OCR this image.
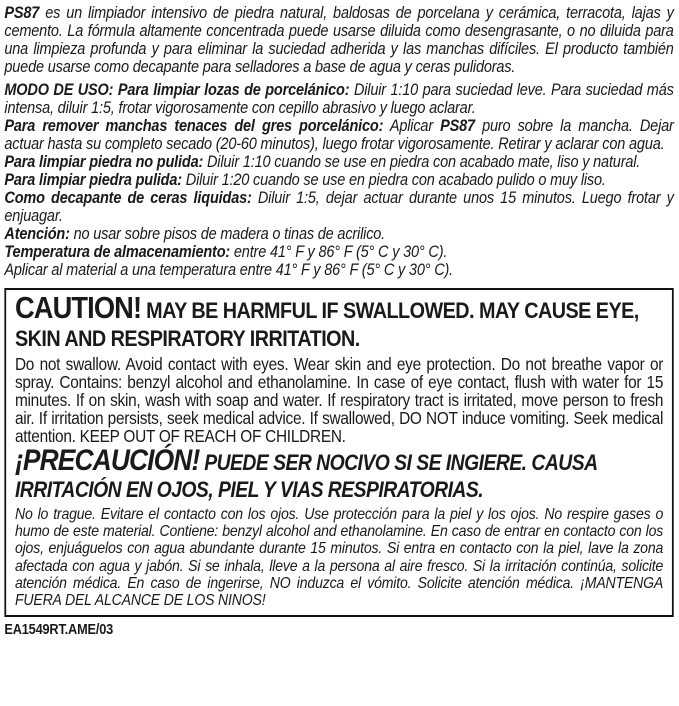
PS87 es un limpiador intensivo de piedra natural, baldosas de porcelana y cerámica, terracota, lajas y cemento. La fórmula altamente concentrada puede usarse diluida como desengrasante, o no diluida para una limpieza profunda y para eliminar la suciedad adherida y las manchas difíciles. El producto también puede usarse como decapante para selladores a base de agua y ceras pulidoras.

MODO DE USO: Para limpiar lozas de porcelánico: Diluir 1:10 para suciedad leve. Para suciedad más intensa, diluir 1:5, frotar vigorosamente con cepillo abrasivo y luego aclarar.

Para remover manchas tenaces del gres porcelánico: Aplicar PS87 puro sobre la mancha. Dejar actuar hasta su completo secado (20-60 minutos), luego frotar vigorosamente. Retirar y aclarar con agua.

Para limpiar piedra no pulida: Diluir 1:10 cuando se use en piedra con acabado mate, liso y natural.

Para limpiar piedra pulida: Diluir 1:20 cuando se use en piedra con acabado pulido o muy liso.

Como decapante de ceras liquidas: Diluir 1:5, dejar actuar durante unos 15 minutos. Luego frotar y enjuagar.

Atención: no usar sobre pisos de madera o tinas de acrilico.

Temperatura de almacenamiento: entre 41° F y 86° F (5° C y 30° C).

Aplicar al material a una temperatura entre 41° F y 86° F (5° C y 30° C).

CAUTION! MAY BE HARMFUL IF SWALLOWED. MAY CAUSE EYE, SKIN AND RESPIRATORY IRRITATION.
Do not swallow. Avoid contact with eyes. Wear skin and eye protection. Do not breathe vapor or spray. Contains: benzyl alcohol and ethanolamine. In case of eye contact, flush with water for 15 minutes. If on skin, wash with soap and water. If respiratory tract is irritated, move person to fresh air. If irritation persists, seek medical advice. If swallowed, DO NOT induce vomiting. Seek medical attention. KEEP OUT OF REACH OF CHILDREN.
¡PRECAUCIÓN! PUEDE SER NOCIVO SI SE INGIERE. CAUSA IRRITACIÓN EN OJOS, PIEL Y VIAS RESPIRATORIAS.
No lo trague. Evitare el contacto con los ojos. Use protección para la piel y los ojos. No respire gases o humo de este material. Contiene: benzyl alcohol and ethanolamine. En caso de entrar en contacto con los ojos, enjuáguelos con agua abundante durante 15 minutos. Si entra en contacto con la piel, lave la zona afectada con agua y jabón. Si se inhala, lleve a la persona al aire fresco. Si la irritación continúa, solicite atención médica. En caso de ingerirse, NO induzca el vómito. Solicite atención médica. ¡MANTENGA FUERA DEL ALCANCE DE LOS NINOS!
EA1549RT.AME/03
